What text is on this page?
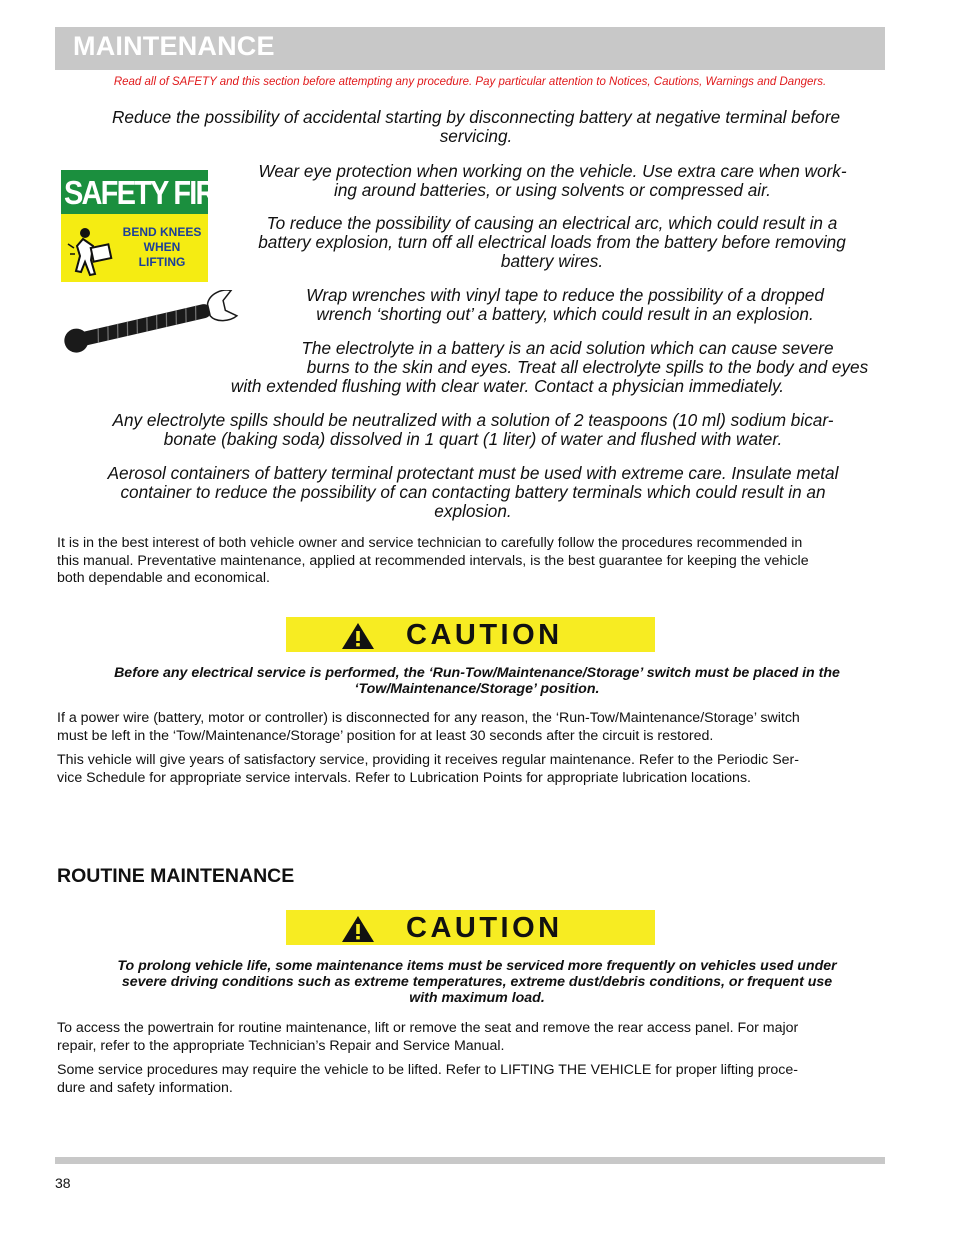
MAINTENANCE
Read all of SAFETY and this section before attempting any procedure. Pay particular attention to Notices, Cautions, Warnings and Dangers.
Reduce the possibility of accidental starting by disconnecting battery at negative terminal before
servicing.
SAFETY FIRST
BEND KNEES
WHEN
LIFTING
Wear eye protection when working on the vehicle. Use extra care when work-
ing around batteries, or using solvents or compressed air.
To reduce the possibility of causing an electrical arc, which could result in a
battery explosion, turn off all electrical loads from the battery before removing
battery wires.
Wrap wrenches with vinyl tape to reduce the possibility of a dropped
wrench ‘shorting out’ a battery, which could result in an explosion.
The electrolyte in a battery is an acid solution which can cause severe
burns to the skin and eyes. Treat all electrolyte spills to the body and eyes
with extended flushing with clear water. Contact a physician immediately.
Any electrolyte spills should be neutralized with a solution of 2 teaspoons (10 ml) sodium bicar-
bonate (baking soda) dissolved in 1 quart (1 liter) of water and flushed with water.
Aerosol containers of battery terminal protectant must be used with extreme care. Insulate metal
container to reduce the possibility of can contacting battery terminals which could result in an
explosion.
It is in the best interest of both vehicle owner and service technician to carefully follow the procedures recommended in
this manual. Preventative maintenance, applied at recommended intervals, is the best guarantee for keeping the vehicle
both dependable and economical.
CAUTION
Before any electrical service is performed, the ‘Run-Tow/Maintenance/Storage’ switch must be placed in the
‘Tow/Maintenance/Storage’ position.
If a power wire (battery, motor or controller) is disconnected for any reason, the ‘Run-Tow/Maintenance/Storage’ switch
must be left in the ‘Tow/Maintenance/Storage’ position for at least 30 seconds after the circuit is restored.
This vehicle will give years of satisfactory service, providing it receives regular maintenance. Refer to the Periodic Ser-
vice Schedule for appropriate service intervals. Refer to Lubrication Points for appropriate lubrication locations.
ROUTINE MAINTENANCE
CAUTION
To prolong vehicle life, some maintenance items must be serviced more frequently on vehicles used under
severe driving conditions such as extreme temperatures, extreme dust/debris conditions, or frequent use
with maximum load.
To access the powertrain for routine maintenance, lift or remove the seat and remove the rear access panel. For major
repair, refer to the appropriate Technician’s Repair and Service Manual.
Some service procedures may require the vehicle to be lifted. Refer to LIFTING THE VEHICLE for proper lifting proce-
dure and safety information.
38
